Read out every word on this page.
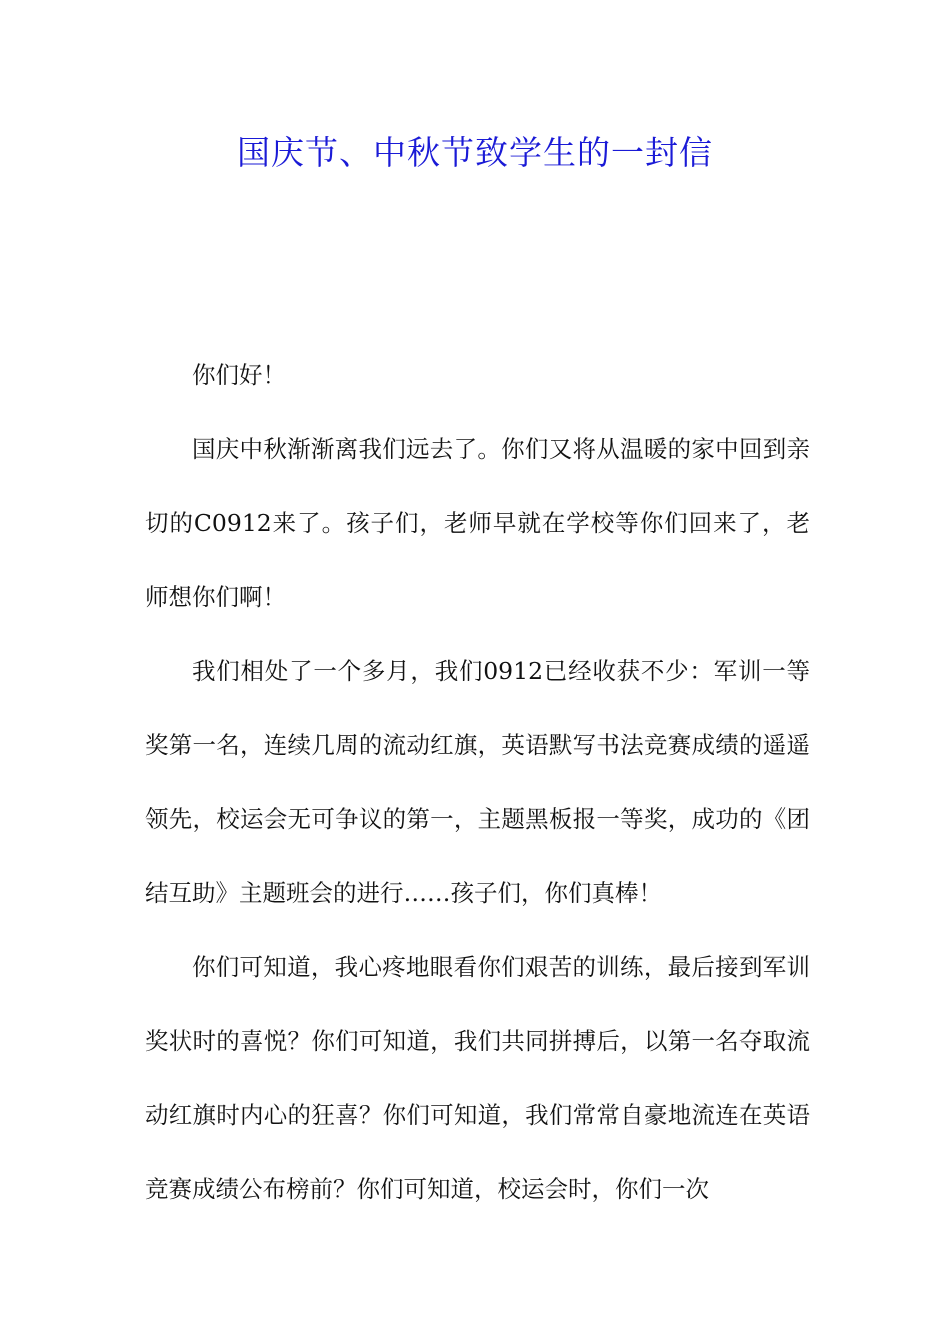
国庆节、中秋节致学生的一封信

你们好！

国庆中秋渐渐离我们远去了。你们又将从温暖的家中回到亲切的C0912来了。孩子们，老师早就在学校等你们回来了，老师想你们啊！

我们相处了一个多月，我们0912已经收获不少：军训一等奖第一名，连续几周的流动红旗，英语默写书法竞赛成绩的遥遥领先，校运会无可争议的第一，主题黑板报一等奖，成功的《团结互助》主题班会的进行……孩子们，你们真棒！

你们可知道，我心疼地眼看你们艰苦的训练，最后接到军训奖状时的喜悦？你们可知道，我们共同拼搏后，以第一名夺取流动红旗时内心的狂喜？你们可知道，我们常常自豪地流连在英语竞赛成绩公布榜前？你们可知道，校运会时，你们一次
